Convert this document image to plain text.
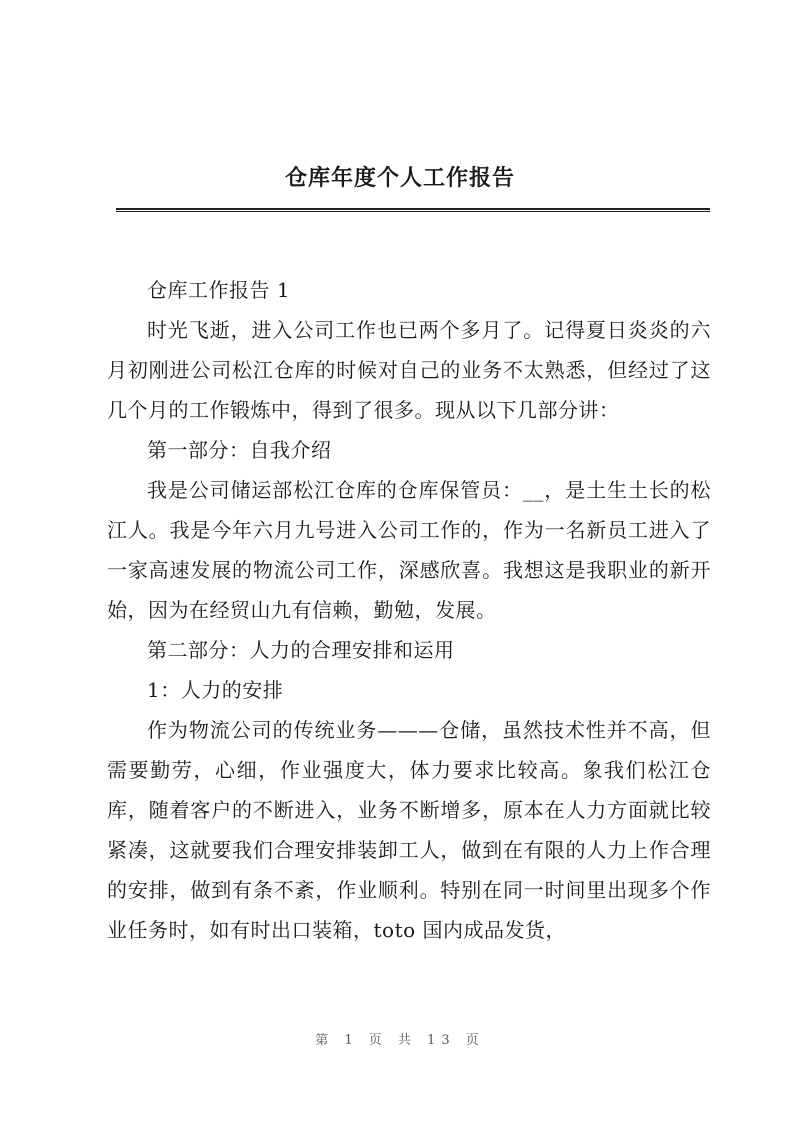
仓库年度个人工作报告

仓库工作报告 1

时光飞逝，进入公司工作也已两个多月了。记得夏日炎炎的六月初刚进公司松江仓库的时候对自己的业务不太熟悉，但经过了这几个月的工作锻炼中，得到了很多。现从以下几部分讲：

第一部分：自我介绍

我是公司储运部松江仓库的仓库保管员：__，是土生土长的松江人。我是今年六月九号进入公司工作的，作为一名新员工进入了一家高速发展的物流公司工作，深感欣喜。我想这是我职业的新开始，因为在经贸山九有信赖，勤勉，发展。

第二部分：人力的合理安排和运用

1：人力的安排

作为物流公司的传统业务———仓储，虽然技术性并不高，但需要勤劳，心细，作业强度大，体力要求比较高。象我们松江仓库，随着客户的不断进入，业务不断增多，原本在人力方面就比较紧凑，这就要我们合理安排装卸工人，做到在有限的人力上作合理的安排，做到有条不紊，作业顺利。特别在同一时间里出现多个作业任务时，如有时出口装箱，toto 国内成品发货，

第 1 页 共 13 页
